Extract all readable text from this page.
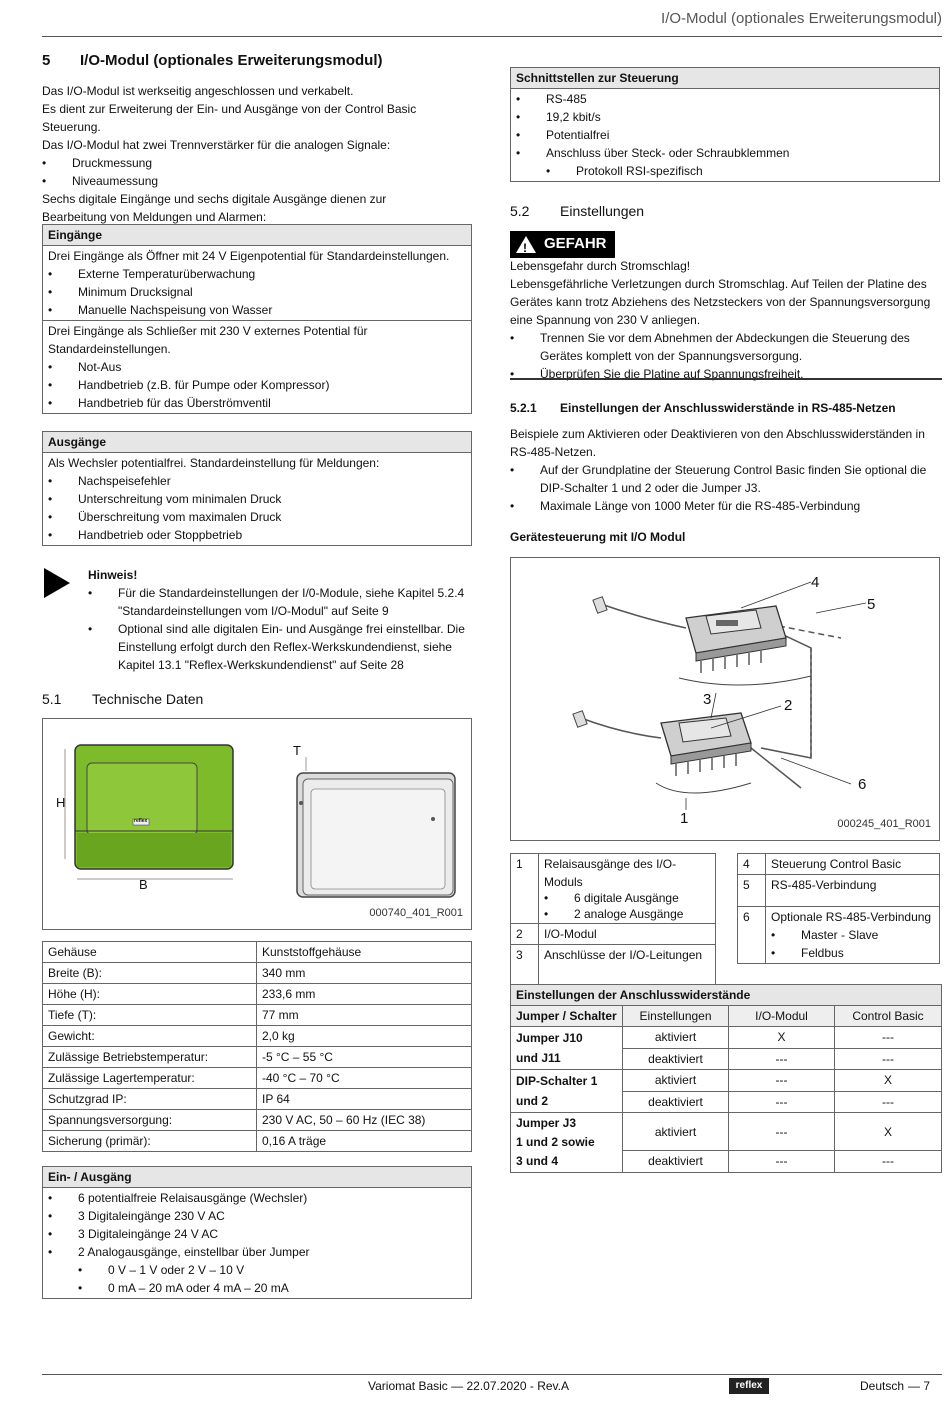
I/O-Modul (optionales Erweiterungsmodul)
5 I/O-Modul (optionales Erweiterungsmodul)
Das I/O-Modul ist werkseitig angeschlossen und verkabelt.
Es dient zur Erweiterung der Ein- und Ausgänge von der Control Basic Steuerung.
Das I/O-Modul hat zwei Trennverstärker für die analogen Signale:
• Druckmessung
• Niveaumessung
Sechs digitale Eingänge und sechs digitale Ausgänge dienen zur Bearbeitung von Meldungen und Alarmen:
Eingänge
Drei Eingänge als Öffner mit 24 V Eigenpotential für Standardeinstellungen.
• Externe Temperaturüberwachung
• Minimum Drucksignal
• Manuelle Nachspeisung von Wasser
Drei Eingänge als Schließer mit 230 V externes Potential für Standardeinstellungen.
• Not-Aus
• Handbetrieb (z.B. für Pumpe oder Kompressor)
• Handbetrieb für das Überströmventil
Ausgänge
Als Wechsler potentialfrei. Standardeinstellung für Meldungen:
• Nachspeisefehler
• Unterschreitung vom minimalen Druck
• Überschreitung vom maximalen Druck
• Handbetrieb oder Stoppbetrieb
Hinweis!
• Für die Standardeinstellungen der I/0-Module, siehe Kapitel 5.2.4 "Standardeinstellungen vom I/O-Modul" auf Seite 9
• Optional sind alle digitalen Ein- und Ausgänge frei einstellbar. Die Einstellung erfolgt durch den Reflex-Werkskundendienst, siehe Kapitel 13.1 "Reflex-Werkskundendienst" auf Seite 28
5.1 Technische Daten
H
B
T
reflex
000740_401_R001
Gehäuse	Kunststoffgehäuse
Breite (B):	340 mm
Höhe (H):	233,6 mm
Tiefe (T):	77 mm
Gewicht:	2,0 kg
Zulässige Betriebstemperatur:	-5 °C – 55 °C
Zulässige Lagertemperatur:	-40 °C – 70 °C
Schutzgrad IP:	IP 64
Spannungsversorgung:	230 V AC, 50 – 60 Hz (IEC 38)
Sicherung (primär):	0,16 A träge
Ein- / Ausgäng
• 6 potentialfreie Relaisausgänge (Wechsler)
• 3 Digitaleingänge 230 V AC
• 3 Digitaleingänge 24 V AC
• 2 Analogausgänge, einstellbar über Jumper
• 0 V – 1 V oder 2 V – 10 V
• 0 mA – 20 mA oder 4 mA – 20 mA
Schnittstellen zur Steuerung
• RS-485
• 19,2 kbit/s
• Potentialfrei
• Anschluss über Steck- oder Schraubklemmen
• Protokoll RSI-spezifisch
5.2 Einstellungen
! GEFAHR
Lebensgefahr durch Stromschlag!
Lebensgefährliche Verletzungen durch Stromschlag. Auf Teilen der Platine des Gerätes kann trotz Abziehens des Netzsteckers von der Spannungsversorgung eine Spannung von 230 V anliegen.
• Trennen Sie vor dem Abnehmen der Abdeckungen die Steuerung des Gerätes komplett von der Spannungsversorgung.
• Überprüfen Sie die Platine auf Spannungsfreiheit.
5.2.1 Einstellungen der Anschlusswiderstände in RS-485-Netzen
Beispiele zum Aktivieren oder Deaktivieren von den Abschlusswiderständen in RS-485-Netzen.
• Auf der Grundplatine der Steuerung Control Basic finden Sie optional die DIP-Schalter 1 und 2 oder die Jumper J3.
• Maximale Länge von 1000 Meter für die RS-485-Verbindung
Gerätesteuerung mit I/O Modul
4
5
3	2
6
1	000245_401_R001
1	Relaisausgänge des I/O-Moduls
• 6 digitale Ausgänge
• 2 analoge Ausgänge

2	I/O-Modul
3	Anschlüsse der I/O-Leitungen
4	Steuerung Control Basic
5	RS-485-Verbindung
6	Optionale RS-485-Verbindung
• Master - Slave
• Feldbus
Einstellungen der Anschlusswiderstände			
Jumper / Schalter	Einstellungen	I/O-Modul	Control Basic

Jumper J10
und J11	aktiviert	X	---
	deaktiviert	---	---

DIP-Schalter 1
und 2	aktiviert	---	X
	deaktiviert	---	---

Jumper J3
1 und 2 sowie
3 und 4	aktiviert	---	X
	deaktiviert	---	---
Variomat Basic — 22.07.2020 - Rev.A	reflex	Deutsch — 7
